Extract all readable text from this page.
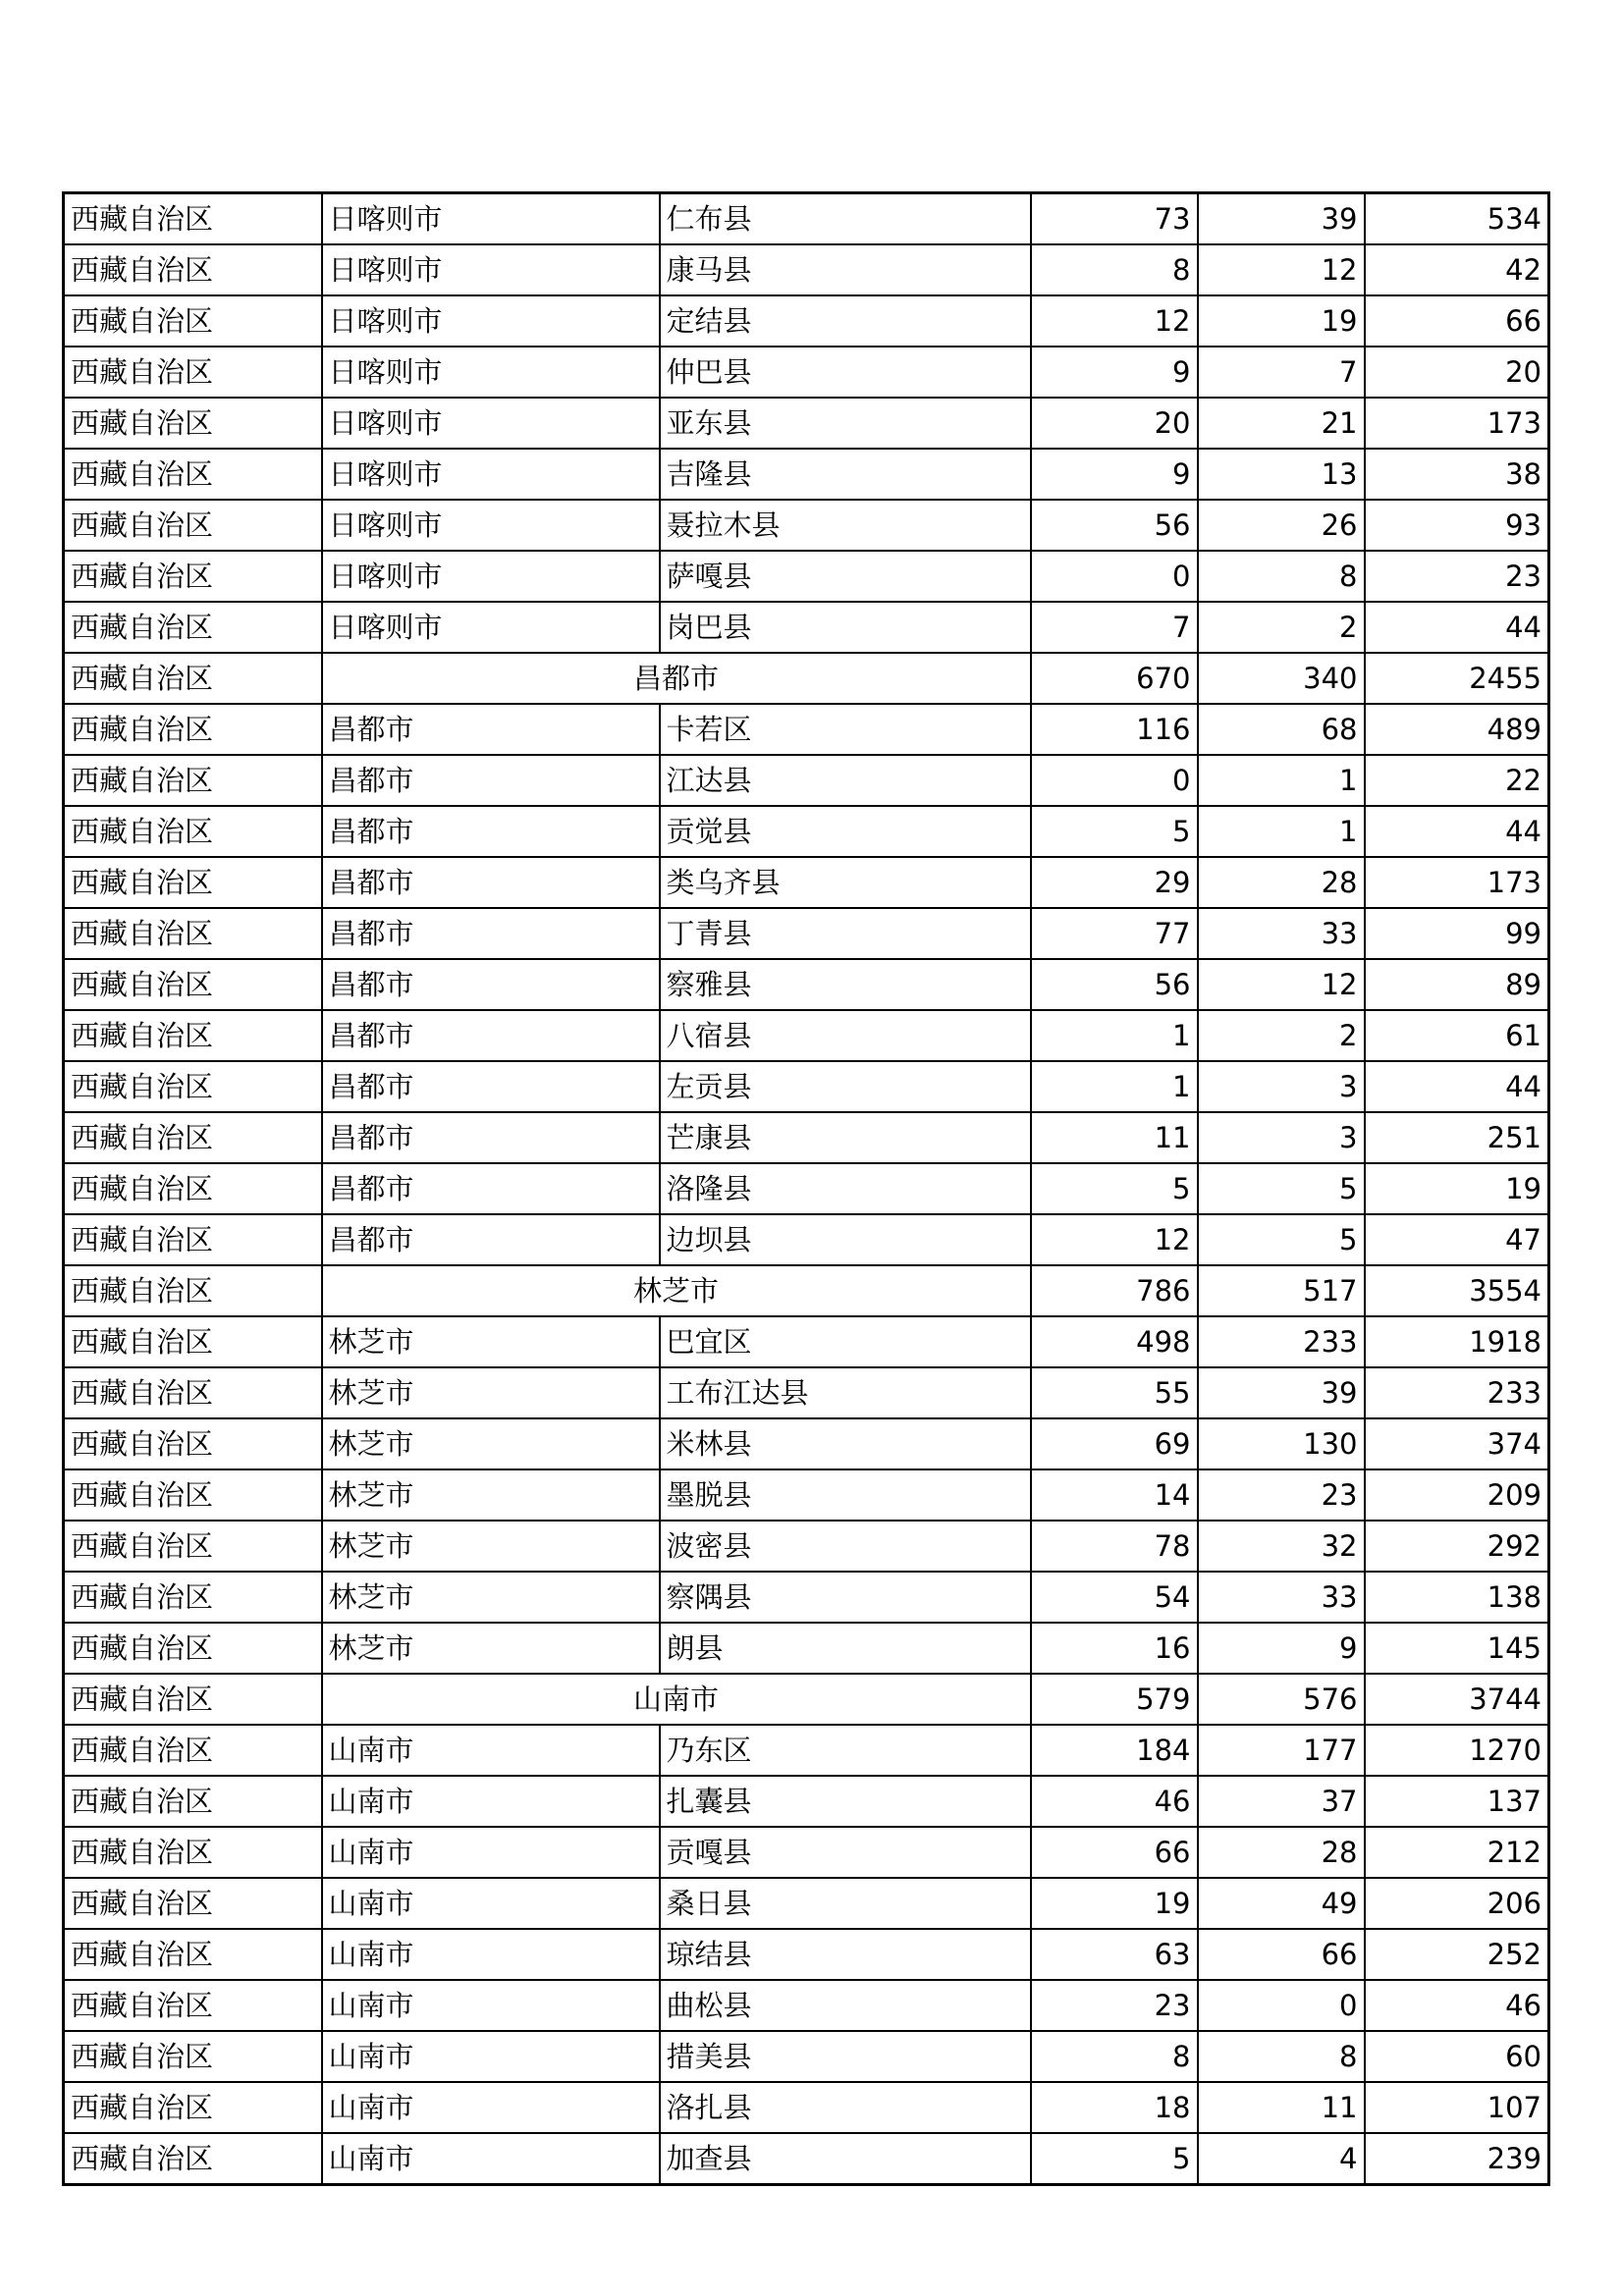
西藏自治区	日喀则市	仁布县	73	39	534
西藏自治区	日喀则市	康马县	8	12	42
西藏自治区	日喀则市	定结县	12	19	66
西藏自治区	日喀则市	仲巴县	9	7	20
西藏自治区	日喀则市	亚东县	20	21	173
西藏自治区	日喀则市	吉隆县	9	13	38
西藏自治区	日喀则市	聂拉木县	56	26	93
西藏自治区	日喀则市	萨嘎县	0	8	23
西藏自治区	日喀则市	岗巴县	7	2	44
西藏自治区	昌都市		670	340	2455
西藏自治区	昌都市	卡若区	116	68	489
西藏自治区	昌都市	江达县	0	1	22
西藏自治区	昌都市	贡觉县	5	1	44
西藏自治区	昌都市	类乌齐县	29	28	173
西藏自治区	昌都市	丁青县	77	33	99
西藏自治区	昌都市	察雅县	56	12	89
西藏自治区	昌都市	八宿县	1	2	61
西藏自治区	昌都市	左贡县	1	3	44
西藏自治区	昌都市	芒康县	11	3	251
西藏自治区	昌都市	洛隆县	5	5	19
西藏自治区	昌都市	边坝县	12	5	47
西藏自治区	林芝市		786	517	3554
西藏自治区	林芝市	巴宜区	498	233	1918
西藏自治区	林芝市	工布江达县	55	39	233
西藏自治区	林芝市	米林县	69	130	374
西藏自治区	林芝市	墨脱县	14	23	209
西藏自治区	林芝市	波密县	78	32	292
西藏自治区	林芝市	察隅县	54	33	138
西藏自治区	林芝市	朗县	16	9	145
西藏自治区	山南市		579	576	3744
西藏自治区	山南市	乃东区	184	177	1270
西藏自治区	山南市	扎囊县	46	37	137
西藏自治区	山南市	贡嘎县	66	28	212
西藏自治区	山南市	桑日县	19	49	206
西藏自治区	山南市	琼结县	63	66	252
西藏自治区	山南市	曲松县	23	0	46
西藏自治区	山南市	措美县	8	8	60
西藏自治区	山南市	洛扎县	18	11	107
西藏自治区	山南市	加查县	5	4	239
